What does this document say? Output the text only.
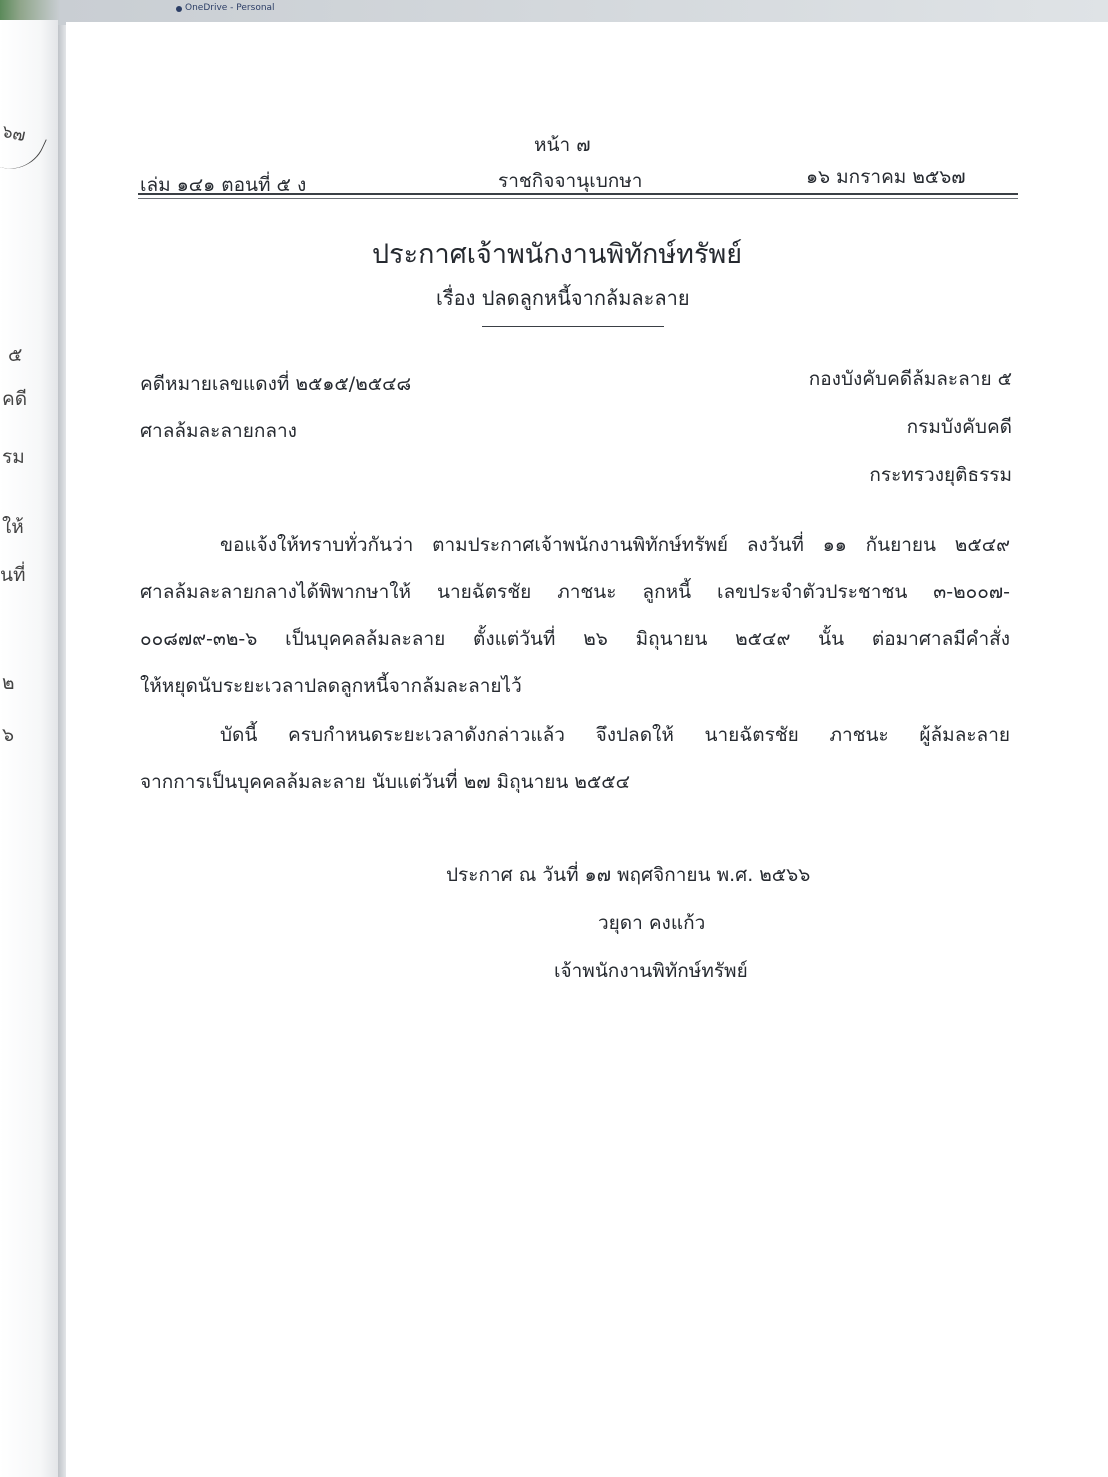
OneDrive - Personal
๖๗
๕
คดี
รม
ให้
นที่
๒
๖
หน้า ๗
เล่ม ๑๔๑ ตอนที่ ๕ ง	ราชกิจจานุเบกษา	๑๖ มกราคม ๒๕๖๗
ประกาศเจ้าพนักงานพิทักษ์ทรัพย์
เรื่อง ปลดลูกหนี้จากล้มละลาย
คดีหมายเลขแดงที่ ๒๕๑๕/๒๕๔๘
ศาลล้มละลายกลาง
กองบังคับคดีล้มละลาย ๕
กรมบังคับคดี
กระทรวงยุติธรรม
ขอแจ้งให้ทราบทั่วกันว่า ตามประกาศเจ้าพนักงานพิทักษ์ทรัพย์ ลงวันที่ ๑๑ กันยายน ๒๕๔๙
ศาลล้มละลายกลางได้พิพากษาให้ นายฉัตรชัย ภาชนะ ลูกหนี้ เลขประจำตัวประชาชน ๓-๒๐๐๗-
๐๐๘๗๙-๓๒-๖ เป็นบุคคลล้มละลาย ตั้งแต่วันที่ ๒๖ มิถุนายน ๒๕๔๙ นั้น ต่อมาศาลมีคำสั่ง
ให้หยุดนับระยะเวลาปลดลูกหนี้จากล้มละลายไว้
บัดนี้ ครบกำหนดระยะเวลาดังกล่าวแล้ว จึงปลดให้ นายฉัตรชัย ภาชนะ ผู้ล้มละลาย
จากการเป็นบุคคลล้มละลาย นับแต่วันที่ ๒๗ มิถุนายน ๒๕๕๔
ประกาศ ณ วันที่ ๑๗ พฤศจิกายน พ.ศ. ๒๕๖๖
วยุดา คงแก้ว
เจ้าพนักงานพิทักษ์ทรัพย์
